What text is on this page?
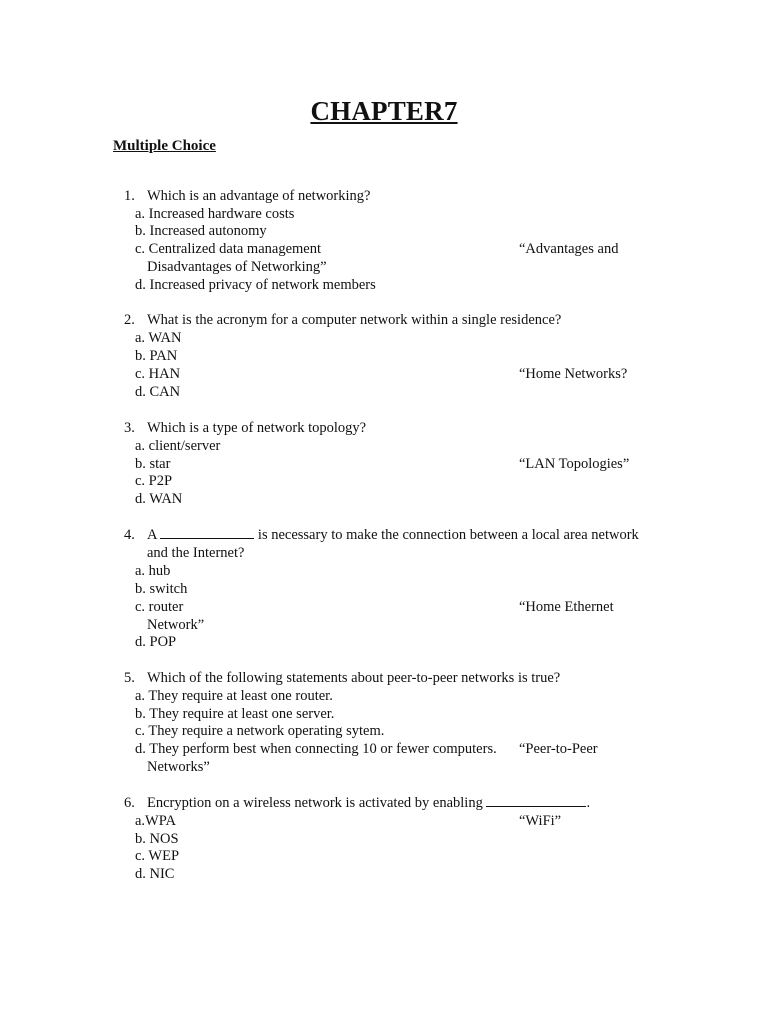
CHAPTER7
Multiple Choice
1. Which is an advantage of networking?
a. Increased hardware costs
b. Increased autonomy
c. Centralized data management	“Advantages and
Disadvantages of Networking”
d. Increased privacy of network members
2. What is the acronym for a computer network within a single residence?
a. WAN
b. PAN
c. HAN	“Home Networks?
d. CAN
3. Which is a type of network topology?
a. client/server
b. star	“LAN Topologies”
c. P2P
d. WAN
4. A	is necessary to make the connection between a local area network
and the Internet?
a. hub
b. switch
c. router	“Home Ethernet
Network”
d. POP
5. Which of the following statements about peer-to-peer networks is true?
a. They require at least one router.
b. They require at least one server.
c. They require a network operating sytem.
d. They perform best when connecting 10 or fewer computers. “Peer-to-Peer
Networks”
6. Encryption on a wireless network is activated by enabling	.
a.WPA	“WiFi”
b. NOS
c. WEP
d. NIC
